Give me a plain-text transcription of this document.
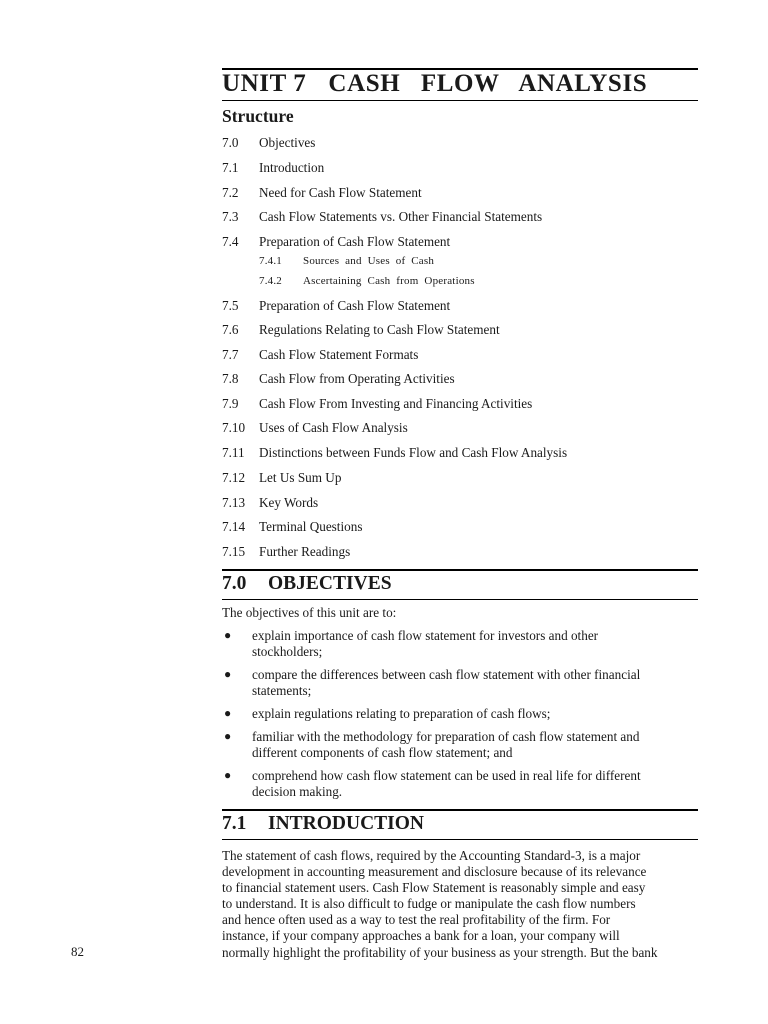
UNIT 7 CASH   FLOW   ANALYSIS
Structure
7.0 Objectives
7.1 Introduction
7.2 Need for Cash Flow Statement
7.3 Cash Flow Statements vs. Other Financial Statements
7.4 Preparation of Cash Flow Statement
7.4.1 Sources and Uses of Cash
7.4.2 Ascertaining Cash from Operations
7.5 Preparation of Cash Flow Statement
7.6 Regulations Relating to Cash Flow Statement
7.7 Cash Flow Statement Formats
7.8 Cash Flow from Operating Activities
7.9 Cash Flow From Investing and Financing Activities
7.10 Uses of Cash Flow Analysis
7.11 Distinctions between Funds Flow and Cash Flow Analysis
7.12 Let Us Sum Up
7.13 Key Words
7.14 Terminal Questions
7.15 Further Readings
7.0 OBJECTIVES
The objectives of this unit are to:
● explain importance of cash flow statement for investors and other
stockholders;
● compare the differences between cash flow statement with other financial
statements;
● explain regulations relating to preparation of cash flows;
● familiar with the methodology for preparation of cash flow statement and
different components of cash flow statement; and
● comprehend how cash flow statement can be used in real life for different
decision making.
7.1 INTRODUCTION
The statement of cash flows, required by the Accounting Standard-3, is a major
development in accounting measurement and disclosure because of its relevance
to financial statement users. Cash Flow Statement is reasonably simple and easy
to understand. It is also difficult to fudge or manipulate the cash flow numbers
and hence often used as a way to test the real profitability of the firm. For
instance, if your company approaches a bank for a loan, your company will
normally highlight the profitability of your business as your strength. But the bank
82
